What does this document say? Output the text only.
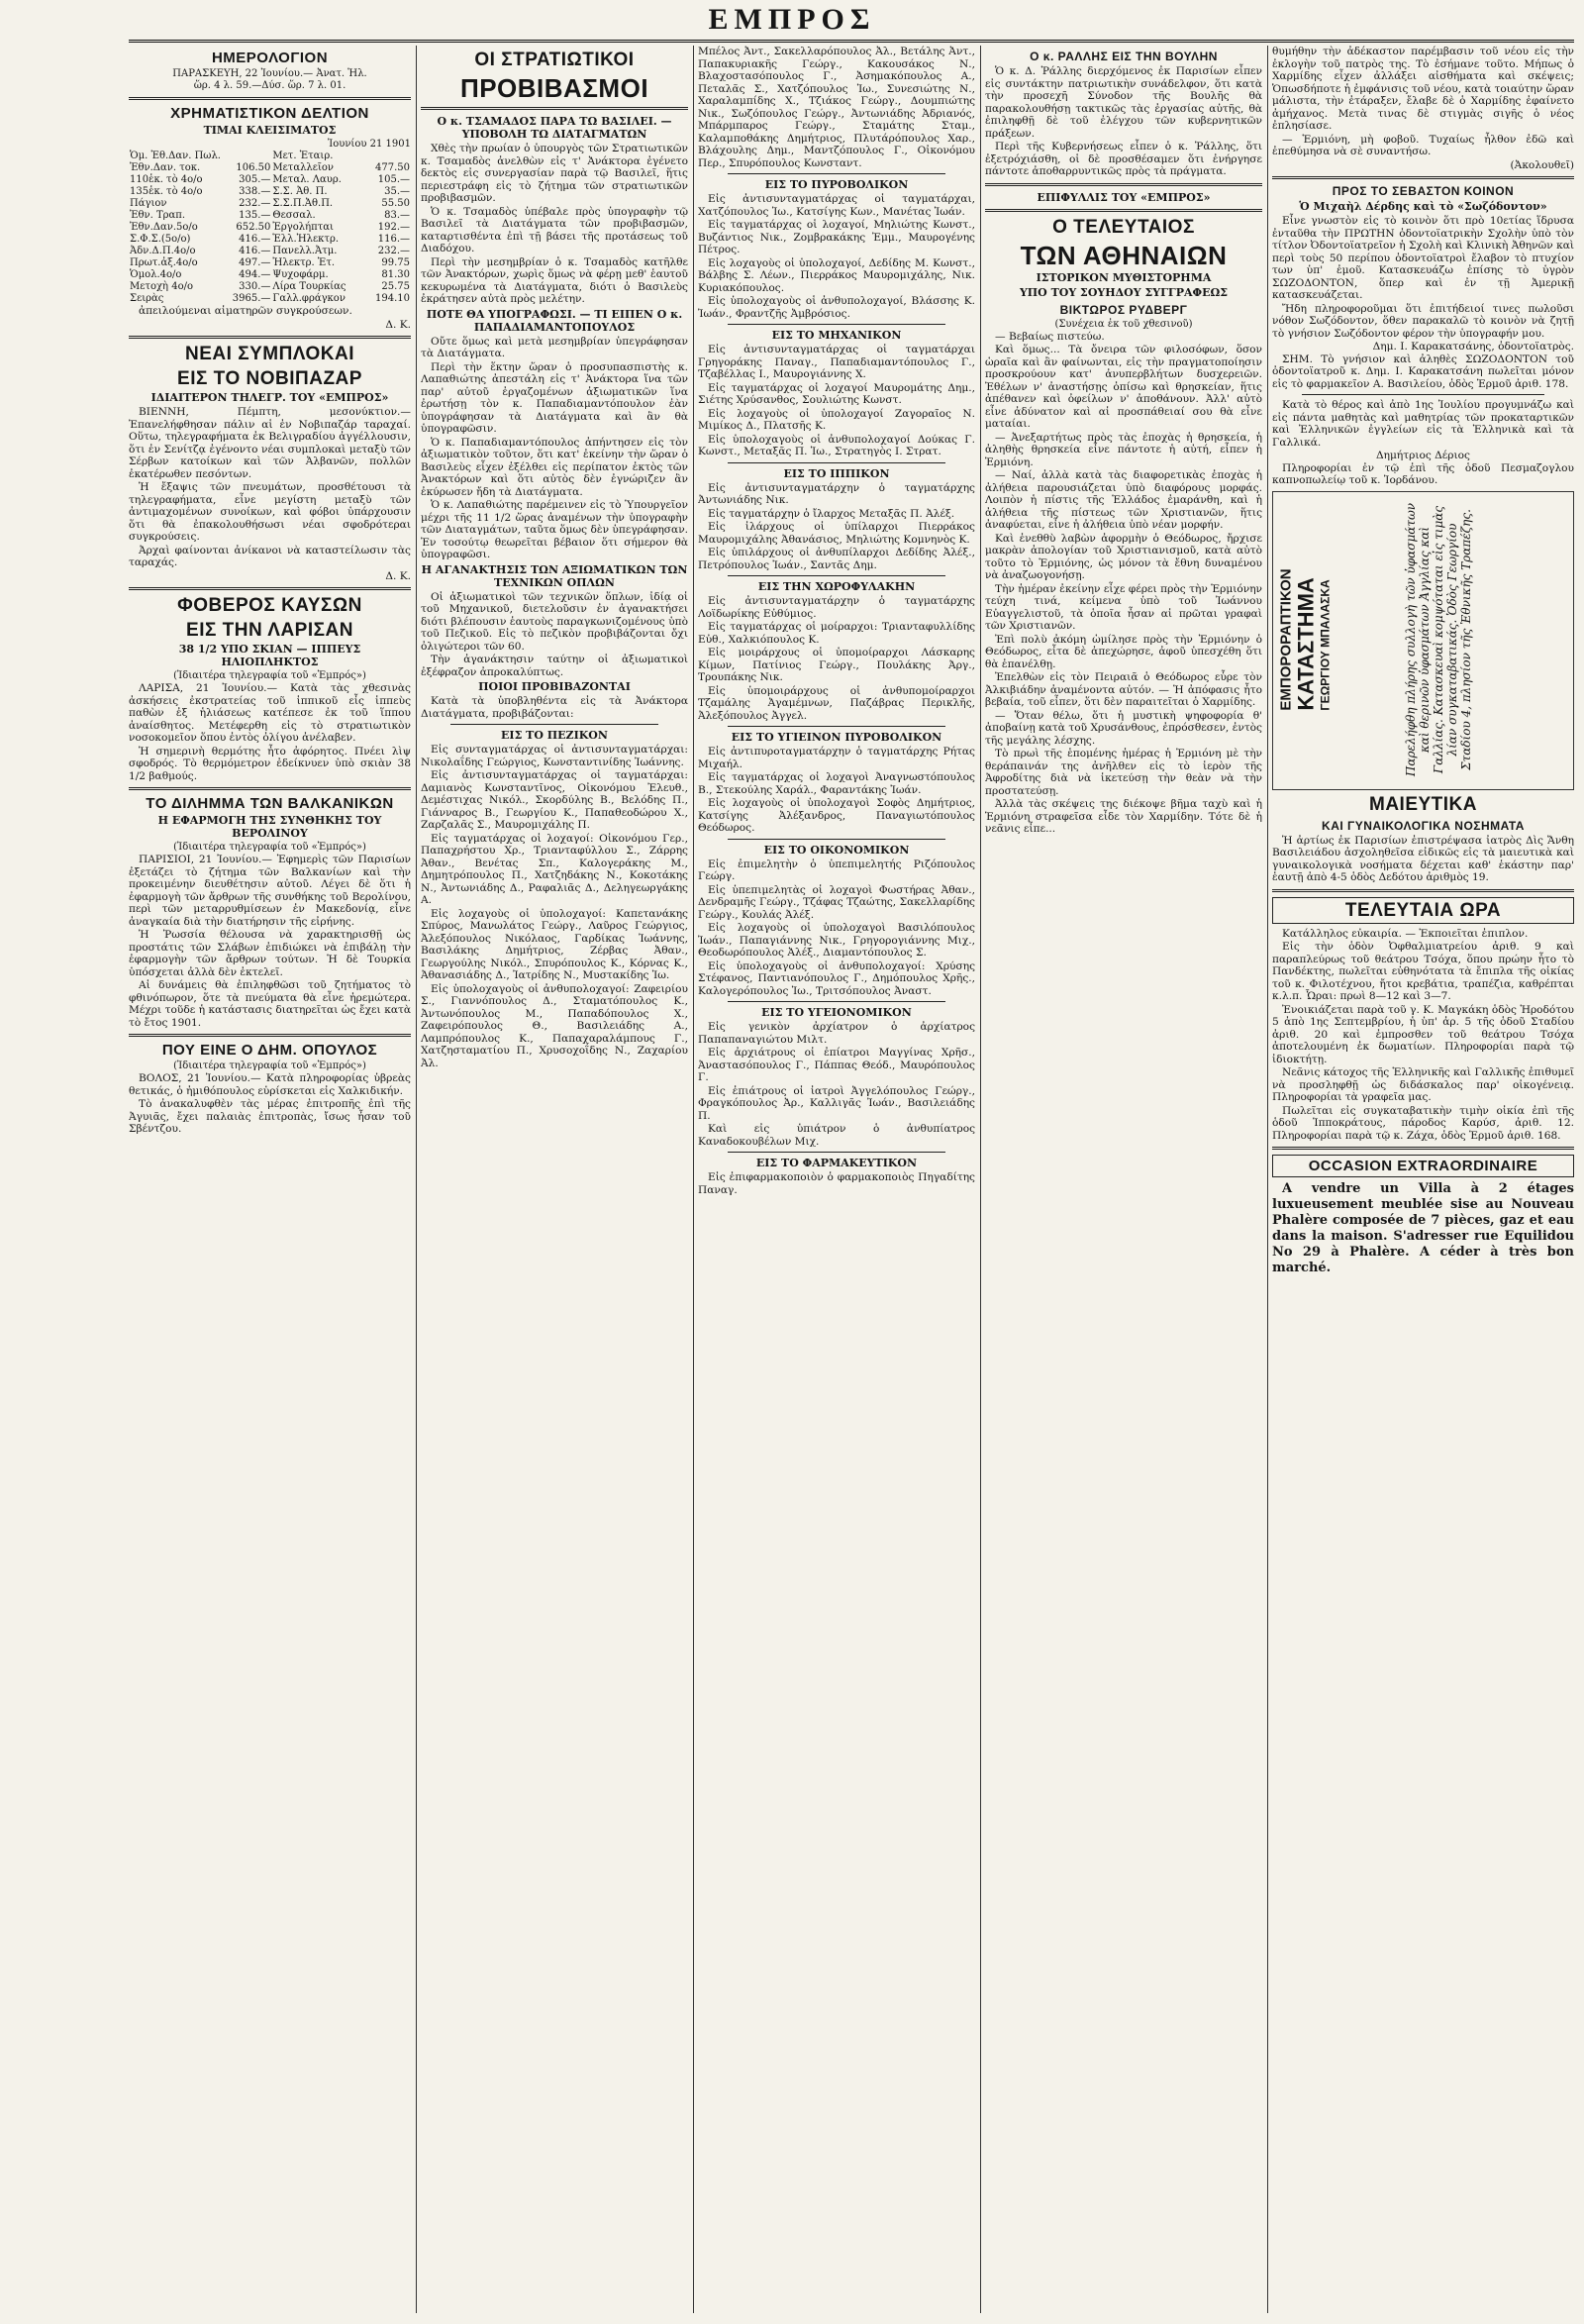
ΕΜΠΡΟΣ
ΗΜΕΡΟΛΟΓΙΟΝ
ΠΑΡΑΣΚΕΥΗ, 22 Ἰουνίου.— Ἀνατ. Ἡλ.
ὥρ. 4 λ. 59.—Δύσ. ὥρ. 7 λ. 01.
ΧΡΗΜΑΤΙΣΤΙΚΟΝ ΔΕΛΤΙΟΝ
ΤΙΜΑΙ ΚΛΕΙΣΙΜΑΤΟΣ
Ἰουνίου 21 1901
Ὁμ. Ἐθ.Δαν. Πωλ.		Μετ. Ἑταιρ.	
Ἐθν.Δαν. τοκ.	106.50	Μεταλλεῖον	477.50
110ἑκ. τὸ 4ο/ο	305.—	Μεταλ. Λαυρ.	105.—
135ἑκ. τὸ 4ο/ο	338.—	Σ.Σ. Ἀθ. Π.	35.—
Πάγιον	232.—	Σ.Σ.Π.Ἀθ.Π.	55.50
Ἐθν. Τραπ.	135.—	Θεσσαλ.	83.—
Ἐθν.Δαν.5ο/ο	652.50	Ἐργολήπται	192.—
Σ.Φ.Σ.(5ο/ο)	416.—	Ἑλλ.Ἠλεκτρ.	116.—
Ἀδν.Δ.Π.4ο/ο	416.—	Πανελλ.Ἀτμ.	232.—
Πρωτ.ἀξ.4ο/ο	497.—	Ἠλεκτρ. Ἑτ.	99.75
Ὁμολ.4ο/ο	494.—	Ψυχοφάρμ.	81.30
Μετοχὴ 4ο/ο	330.—	Λίρα Τουρκίας	25.75
Σειρὰς	3965.—	Γαλλ.φράγκον	194.10

ἀπειλούμεναι αἱματηρῶν συγκρούσεων.

Δ. Κ.
ΝΕΑΙ ΣΥΜΠΛΟΚΑΙ
ΕΙΣ ΤΟ ΝΟΒΙΠΑΖΑΡ
ΙΔΙΑΙΤΕΡΟΝ ΤΗΛΕΓΡ. ΤΟΥ «ΕΜΠΡΟΣ»

ΒΙΕΝΝΗ, Πέμπτη, μεσονύκτιον.— Ἐπανελήφθησαν πάλιν αἱ ἐν Νοβιπαζάρ ταραχαί. Οὕτω, τηλεγραφήματα ἐκ Βελιγραδίου ἀγγέλλουσιν, ὅτι ἐν Σενίτζᾳ ἐγένοντο νέαι συμπλοκαὶ μεταξὺ τῶν Σέρβων κατοίκων καὶ τῶν Ἀλβανῶν, πολλῶν ἐκατέρωθεν πεσόντων.

Ἡ ἔξαψις τῶν πνευμάτων, προσθέτουσι τὰ τηλεγραφήματα, εἶνε μεγίστη μεταξὺ τῶν ἀντιμαχομένων συνοίκων, καὶ φόβοι ὑπάρχουσιν ὅτι θὰ ἐπακολουθήσωσι νέαι σφοδρότεραι συγκρούσεις.

Ἀρχαὶ φαίνονται ἀνίκανοι νὰ καταστείλωσιν τὰς ταραχάς.

Δ. Κ.
ΦΟΒΕΡΟΣ ΚΑΥΣΩΝ
ΕΙΣ ΤΗΝ ΛΑΡΙΣΑΝ
38 1/2 ΥΠΟ ΣΚΙΑΝ — ΙΠΠΕΥΣ ΗΛΙΟΠΛΗΚΤΟΣ
(Ἰδιαιτέρα τηλεγραφία τοῦ «Ἐμπρός»)

ΛΑΡΙΣΑ, 21 Ἰουνίου.— Κατὰ τὰς χθεσινὰς ἀσκήσεις ἐκστρατείας τοῦ ἱππικοῦ εἷς ἱππεὺς παθὼν ἐξ ἡλιάσεως κατέπεσε ἐκ τοῦ ἵππου ἀναίσθητος. Μετέφερθη εἰς τὸ στρατιωτικὸν νοσοκομεῖον ὅπου ἐντὸς ὀλίγου ἀνέλαβεν.

Ἡ σημερινὴ θερμότης ἦτο ἀφόρητος. Πνέει λὶψ σφοδρός. Τὸ θερμόμετρον ἐδείκνυεν ὑπὸ σκιὰν 38 1/2 βαθμούς.

ΤΟ ΔΙΛΗΜΜΑ ΤΩΝ ΒΑΛΚΑΝΙΚΩΝ
Η ΕΦΑΡΜΟΓΗ ΤΗΣ ΣΥΝΘΗΚΗΣ ΤΟΥ ΒΕΡΟΛΙΝΟΥ
(Ἰδιαιτέρα τηλεγραφία τοῦ «Ἐμπρός»)

ΠΑΡΙΣΙΟΙ, 21 Ἰουνίου.— Ἐφημερὶς τῶν Παρισίων ἐξετάζει τὸ ζήτημα τῶν Βαλκανίων καὶ τὴν προκειμένην διευθέτησιν αὐτοῦ. Λέγει δὲ ὅτι ἡ ἐφαρμογὴ τῶν ἄρθρων τῆς συνθήκης τοῦ Βερολίνου, περὶ τῶν μεταρρυθμίσεων ἐν Μακεδονίᾳ, εἶνε ἀναγκαία διὰ τὴν διατήρησιν τῆς εἰρήνης.

Ἡ Ῥωσσία θέλουσα νὰ χαρακτηρισθῇ ὡς προστάτις τῶν Σλάβων ἐπιδιώκει νὰ ἐπιβάλῃ τὴν ἐφαρμογὴν τῶν ἄρθρων τούτων. Ἡ δὲ Τουρκία ὑπόσχεται ἀλλὰ δὲν ἐκτελεῖ.

Αἱ δυνάμεις θὰ ἐπιληφθῶσι τοῦ ζητήματος τὸ φθινόπωρον, ὅτε τὰ πνεύματα θὰ εἶνε ἠρεμώτερα. Μέχρι τοῦδε ἡ κατάστασις διατηρεῖται ὡς ἔχει κατὰ τὸ ἔτος 1901.

ΠΟΥ ΕΙΝΕ Ο ΔΗΜ. ΟΠΟΥΛΟΣ
(Ἰδιαιτέρα τηλεγραφία τοῦ «Ἐμπρός»)

ΒΟΛΟΣ, 21 Ἰουνίου.— Κατὰ πληροφορίας ὑβρεὰς θετικάς, ὁ ἠμιθόπουλος εὑρίσκεται εἰς Χαλκιδικήν.

Τὸ ἀνακαλυφθὲν τὰς μέρας ἐπιτροπῆς ἐπὶ τῆς Ἀγυιᾶς, ἔχει παλαιὰς ἐπιτροπὰς, ἴσως ἦσαν τοῦ Σβέντζου.

ΟΙ ΣΤΡΑΤΙΩΤΙΚΟΙ
ΠΡΟΒΙΒΑΣΜΟΙ
Ο κ. ΤΣΑΜΑΔΟΣ ΠΑΡΑ ΤΩ ΒΑΣΙΛΕΙ. — ΥΠΟΒΟΛΗ ΤΩ ΔΙΑΤΑΓΜΑΤΩΝ

Χθὲς τὴν πρωίαν ὁ ὑπουργὸς τῶν Στρατιωτικῶν κ. Τσαμαδὸς ἀνελθὼν εἰς τ' Ἀνάκτορα ἐγένετο δεκτὸς εἰς συνεργασίαν παρὰ τῷ Βασιλεῖ, ἥτις περιεστράφη εἰς τὸ ζήτημα τῶν στρατιωτικῶν προβιβασμῶν.

Ὁ κ. Τσαμαδὸς ὑπέβαλε πρὸς ὑπογραφὴν τῷ Βασιλεῖ τὰ Διατάγματα τῶν προβιβασμῶν, καταρτισθέντα ἐπὶ τῇ βάσει τῆς προτάσεως τοῦ Διαδόχου.

Περὶ τὴν μεσημβρίαν ὁ κ. Τσαμαδὸς κατῆλθε τῶν Ἀνακτόρων, χωρὶς ὅμως νὰ φέρῃ μεθ' ἑαυτοῦ κεκυρωμένα τὰ Διατάγματα, διότι ὁ Βασιλεὺς ἐκράτησεν αὐτὰ πρὸς μελέτην.

ΠΟΤΕ ΘΑ ΥΠΟΓΡΑΦΩΣΙ. — ΤΙ ΕΙΠΕΝ Ο κ. ΠΑΠΑΔΙΑΜΑΝΤΟΠΟΥΛΟΣ

Οὔτε ὅμως καὶ μετὰ μεσημβρίαν ὑπεγράφησαν τὰ Διατάγματα.

Περὶ τὴν ἕκτην ὥραν ὁ προσυπασπιστὴς κ. Λαπαθιώτης ἀπεστάλη εἰς τ' Ἀνάκτορα ἵνα τῶν παρ' αὐτοῦ ἐργαζομένων ἀξιωματικῶν ἵνα ἐρωτήσῃ τὸν κ. Παπαδιαμαντόπουλον ἐὰν ὑπογράφησαν τὰ Διατάγματα καὶ ἂν θὰ ὑπογραφῶσιν.

Ὁ κ. Παπαδιαμαντόπουλος ἀπήντησεν εἰς τὸν ἀξιωματικὸν τοῦτον, ὅτι κατ' ἐκείνην τὴν ὥραν ὁ Βασιλεὺς εἶχεν ἐξέλθει εἰς περίπατον ἐκτὸς τῶν Ἀνακτόρων καὶ ὅτι αὐτὸς δὲν ἐγνώριζεν ἂν ἐκύρωσεν ἤδη τὰ Διατάγματα.

Ὁ κ. Λαπαθιώτης παρέμεινεν εἰς τὸ Ὑπουργεῖον μέχρι τῆς 11 1/2 ὥρας ἀναμένων τὴν ὑπογραφὴν τῶν Διαταγμάτων, ταῦτα ὅμως δὲν ὑπεγράφησαν. Ἐν τοσούτῳ θεωρεῖται βέβαιον ὅτι σήμερον θὰ ὑπογραφῶσι.

Η ΑΓΑΝΑΚΤΗΣΙΣ ΤΩΝ ΑΞΙΩΜΑΤΙΚΩΝ ΤΩΝ ΤΕΧΝΙΚΩΝ ΟΠΛΩΝ

Οἱ ἀξιωματικοὶ τῶν τεχνικῶν ὅπλων, ἰδίᾳ οἱ τοῦ Μηχανικοῦ, διετελοῦσιν ἐν ἀγανακτήσει διότι βλέπουσιν ἑαυτοὺς παραγκωνιζομένους ὑπὸ τοῦ Πεζικοῦ. Εἰς τὸ πεζικὸν προβιβάζονται ὄχι ὀλιγώτεροι τῶν 60.

Τὴν ἀγανάκτησιν ταύτην οἱ ἀξιωματικοὶ ἐξέφραζον ἀπροκαλύπτως.

ΠΟΙΟΙ ΠΡΟΒΙΒΑΖΟΝΤΑΙ

Κατὰ τὰ ὑποβληθέντα εἰς τὰ Ἀνάκτορα Διατάγματα, προβιβάζονται:

ΕΙΣ ΤΟ ΠΕΖΙΚΟΝ

Εἰς συνταγματάρχας οἱ ἀντισυνταγματάρχαι: Νικολαΐδης Γεώργιος, Κωνσταντινίδης Ἰωάννης.

Εἰς ἀντισυνταγματάρχας οἱ ταγματάρχαι: Δαμιανὸς Κωνσταντῖνος, Οἰκονόμου Ἐλευθ., Δεμέστιχας Νικόλ., Σκορδύλης Β., Βελόδης Π., Γιάνναρος Β., Γεωργίου Κ., Παπαθεοδώρου Χ., Ζαρζαλᾶς Σ., Μαυρομιχάλης Π.

Εἰς ταγματάρχας οἱ λοχαγοί: Οἰκονόμου Γερ., Παπαχρήστου Χρ., Τριανταφύλλου Σ., Ζάρρης Ἀθαν., Βενέτας Σπ., Καλογεράκης Μ., Δημητρόπουλος Π., Χατζηδάκης Ν., Κοκοτάκης Ν., Ἀντωνιάδης Δ., Ραφαλιᾶς Δ., Δεληγεωργάκης Α.

Εἰς λοχαγοὺς οἱ ὑπολοχαγοί: Καπετανάκης Σπύρος, Μανωλάτος Γεώργ., Λαῦρος Γεώργιος, Ἀλεξόπουλος Νικόλαος, Γαρδίκας Ἰωάννης, Βασιλάκης Δημήτριος, Ζέρβας Ἀθαν., Γεωργούλης Νικόλ., Σπυρόπουλος Κ., Κόρνας Κ., Ἀθανασιάδης Δ., Ἰατρίδης Ν., Μυστακίδης Ἰω.

Εἰς ὑπολοχαγοὺς οἱ ἀνθυπολοχαγοί: Ζαφειρίου Σ., Γιαννόπουλος Δ., Σταματόπουλος Κ., Ἀντωνόπουλος Μ., Παπαδόπουλος Χ., Ζαφειρόπουλος Θ., Βασιλειάδης Α., Λαμπρόπουλος Κ., Παπαχαραλάμπους Γ., Χατζησταματίου Π., Χρυσοχοΐδης Ν., Ζαχαρίου Ἀλ.

Μπέλος Ἀντ., Σακελλαρόπουλος Ἀλ., Βετάλης Ἀντ., Παπακυριακῆς Γεώργ., Κακουσάκος Ν., Βλαχοστασόπουλος Γ., Ἀσημακόπουλος Α., Πεταλᾶς Σ., Χατζόπουλος Ἰω., Συνεσιώτης Ν., Χαραλαμπίδης Χ., Τζιάκος Γεώργ., Δουμπιώτης Νικ., Σωζόπουλος Γεώργ., Ἀντωνιάδης Ἀδριανός, Μπάρμπαρος Γεώργ., Σταμάτης Σταμ., Καλαμποθάκης Δημήτριος, Πλυτάρόπουλος Χαρ., Βλάχουλης Δημ., Μαντζόπουλος Γ., Οἰκονόμου Περ., Σπυρόπουλος Κωνσταντ.

ΕΙΣ ΤΟ ΠΥΡΟΒΟΛΙΚΟΝ

Εἰς ἀντισυνταγματάρχας οἱ ταγματάρχαι, Χατζόπουλος Ἰω., Κατσίγης Κων., Μανέτας Ἰωάν.

Εἰς ταγματάρχας οἱ λοχαγοί, Μηλιώτης Κωνστ., Βυζάντιος Νικ., Ζομβρακάκης Ἐμμ., Μαυρογένης Πέτρος.

Εἰς λοχαγοὺς οἱ ὑπολοχαγοί, Δεδίδης Μ. Κωνστ., Βάλβης Σ. Λέων., Πιερράκος Μαυρομιχάλης, Νικ. Κυριακόπουλος.

Εἰς ὑπολοχαγοὺς οἱ ἀνθυπολοχαγοί, Βλάσσης Κ. Ἰωάν., Φραντζῆς Ἀμβρόσιος.

ΕΙΣ ΤΟ ΜΗΧΑΝΙΚΟΝ

Εἰς ἀντισυνταγματάρχας οἱ ταγματάρχαι Γρηγοράκης Παναγ., Παπαδιαμαντόπουλος Γ., Τζαβέλλας Ι., Μαυρογιάννης Χ.

Εἰς ταγματάρχας οἱ λοχαγοί Μαυρομάτης Δημ., Σιέτης Χρύσανθος, Σουλιώτης Κωνστ.

Εἰς λοχαγοὺς οἱ ὑπολοχαγοί Ζαγοραῖος Ν. Μιμίκος Δ., Πλατσῆς Κ.

Εἰς ὑπολοχαγοὺς οἱ ἀνθυπολοχαγοί Δούκας Γ. Κωνστ., Μεταξᾶς Π. Ἰω., Στρατηγὸς Ι. Στρατ.

ΕΙΣ ΤΟ ΙΠΠΙΚΟΝ

Εἰς ἀντισυνταγματάρχην ὁ ταγματάρχης Ἀντωνιάδης Νικ.

Εἰς ταγματάρχην ὁ ἴλαρχος Μεταξᾶς Π. Ἀλέξ.

Εἰς ἰλάρχους οἱ ὑπίλαρχοι Πιερράκος Μαυρομιχάλης Ἀθανάσιος, Μηλιώτης Κομνηνὸς Κ.

Εἰς ὑπιλάρχους οἱ ἀνθυπίλαρχοι Δεδίδης Ἀλέξ., Πετρόπουλος Ἰωάν., Σαντᾶς Δημ.

ΕΙΣ ΤΗΝ ΧΩΡΟΦΥΛΑΚΗΝ

Εἰς ἀντισυνταγματάρχην ὁ ταγματάρχης Λοϊδωρίκης Εὐθύμιος.

Εἰς ταγματάρχας οἱ μοίραρχοι: Τριανταφυλλίδης Εὐθ., Χαλκιόπουλος Κ.

Εἰς μοιράρχους οἱ ὑπομοίραρχοι Λάσκαρης Κίμων, Πατίνιος Γεώργ., Πουλάκης Ἀργ., Τρουπάκης Νικ.

Εἰς ὑπομοιράρχους οἱ ἀνθυπομοίραρχοι Τζαμάλης Ἀγαμέμνων, Παζάβρας Περικλῆς, Ἀλεξόπουλος Ἀγγελ.

ΕΙΣ ΤΟ ΥΓΙΕΙΝΟΝ ΠΥΡΟΒΟΛΙΚΟΝ

Εἰς ἀντιπυροταγματάρχην ὁ ταγματάρχης Ρήτας Μιχαήλ.

Εἰς ταγματάρχας οἱ λοχαγοὶ Ἀναγνωστόπουλος Β., Στεκούλης Χαράλ., Φαραντάκης Ἰωάν.

Εἰς λοχαγοὺς οἱ ὑπολοχαγοὶ Σοφὸς Δημήτριος, Κατσίγης Ἀλέξανδρος, Παναγιωτόπουλος Θεόδωρος.

ΕΙΣ ΤΟ ΟΙΚΟΝΟΜΙΚΟΝ

Εἰς ἐπιμελητὴν ὁ ὑπεπιμελητής Ριζόπουλος Γεώργ.

Εἰς ὑπεπιμελητὰς οἱ λοχαγοὶ Φωστήρας Ἀθαν., Δενδραμῆς Γεώργ., Τζάφας Τζαώτης, Σακελλαρίδης Γεώργ., Κουλάς Ἀλέξ.

Εἰς λοχαγοὺς οἱ ὑπολοχαγοὶ Βασιλόπουλος Ἰωάν., Παπαγιάννης Νικ., Γρηγορογιάννης Μιχ., Θεοδωρόπουλος Ἀλέξ., Διαμαντόπουλος Σ.

Εἰς ὑπολοχαγοὺς οἱ ἀνθυπολοχαγοί: Χρύσης Στέφανος, Παντιανόπουλος Γ., Δημόπουλος Χρῆς., Καλογερόπουλος Ἰω., Τριτσόπουλος Ἀναστ.

ΕΙΣ ΤΟ ΥΓΕΙΟΝΟΜΙΚΟΝ

Εἰς γενικὸν ἀρχίατρον ὁ ἀρχίατρος Παπαπαναγιώτου Μιλτ.

Εἰς ἀρχιάτρους οἱ ἐπίατροι Μαγγίνας Χρῆσ., Ἀναστασόπουλος Γ., Πάππας Θεόδ., Μαυρόπουλος Γ.

Εἰς ἐπιάτρους οἱ ἰατροὶ Ἀγγελόπουλος Γεώργ., Φραγκόπουλος Ἀρ., Καλλιγᾶς Ἰωάν., Βασιλειάδης Π.

Καὶ εἰς ὑπιάτρον ὁ ἀνθυπίατρος Καναδοκουβέλων Μιχ.

ΕΙΣ ΤΟ ΦΑΡΜΑΚΕΥΤΙΚΟΝ

Εἰς ἐπιφαρμακοποιὸν ὁ φαρμακοποιὸς Πηγαδίτης Παναγ.

Ο κ. ΡΑΛΛΗΣ ΕΙΣ ΤΗΝ ΒΟΥΛΗΝ

Ὁ κ. Δ. Ῥάλλης διερχόμενος ἐκ Παρισίων εἶπεν εἰς συντάκτην πατριωτικὴν συνάδελφον, ὅτι κατὰ τὴν προσεχῆ Σύνοδον τῆς Βουλῆς θὰ παρακολουθήσῃ τακτικῶς τὰς ἐργασίας αὐτῆς, θὰ ἐπιληφθῇ δὲ τοῦ ἐλέγχου τῶν κυβερνητικῶν πράξεων.

Περὶ τῆς Κυβερνήσεως εἶπεν ὁ κ. Ῥάλλης, ὅτι ἐξετρόχιάσθη, οἱ δὲ προσθέσαμεν ὅτι ἐνήργησε πάντοτε ἀποθαρρυντικῶς πρὸς τὰ πράγματα.

ΕΠΙΦΥΛΛΙΣ ΤΟΥ «ΕΜΠΡΟΣ»
Ο ΤΕΛΕΥΤΑΙΟΣ
ΤΩΝ ΑΘΗΝΑΙΩΝ
ΙΣΤΟΡΙΚΟΝ ΜΥΘΙΣΤΟΡΗΜΑ
ΥΠΟ ΤΟΥ ΣΟΥΗΔΟΥ ΣΥΓΓΡΑΦΕΩΣ
ΒΙΚΤΩΡΟΣ ΡΥΔΒΕΡΓ
(Συνέχεια ἐκ τοῦ χθεσινοῦ)

— Βεβαίως πιστεύω.

Καὶ ὅμως... Τὰ ὄνειρα τῶν φιλοσόφων, ὅσον ὡραῖα καὶ ἂν φαίνωνται, εἰς τὴν πραγματοποίησιν προσκρούουν κατ' ἀνυπερβλήτων δυσχερειῶν. Ἐθέλων ν' ἀναστήσῃς ὀπίσω καὶ θρησκείαν, ἥτις ἀπέθανεν καὶ ὀφείλων ν' ἀποθάνουν. Ἀλλ' αὐτὸ εἶνε ἀδύνατον καὶ αἱ προσπάθειαί σου θὰ εἶνε ματαίαι.

— Ἀνεξαρτήτως πρὸς τὰς ἐποχὰς ἡ θρησκεία, ἡ ἀληθὴς θρησκεία εἶνε πάντοτε ἡ αὐτή, εἶπεν ἡ Ἑρμιόνη.

— Ναί, ἀλλὰ κατὰ τὰς διαφορετικὰς ἐποχὰς ἡ ἀλήθεια παρουσιάζεται ὑπὸ διαφόρους μορφάς. Λοιπὸν ἡ πίστις τῆς Ἑλλάδος ἐμαράνθη, καὶ ἡ ἀλήθεια τῆς πίστεως τῶν Χριστιανῶν, ἥτις ἀναφύεται, εἶνε ἡ ἀλήθεια ὑπὸ νέαν μορφήν.

Καὶ ἐνεθθὺ λαβὼν ἀφορμὴν ὁ Θεόδωρος, ἤρχισε μακρὰν ἀπολογίαν τοῦ Χριστιανισμοῦ, κατὰ αὐτὸ τοῦτο τὸ Ἑρμιόνης, ὡς μόνον τὰ ἔθνη δυναμένου νὰ ἀναζωογονήσῃ.

Τὴν ἡμέραν ἐκείνην εἶχε φέρει πρὸς τὴν Ἑρμιόνην τεύχη τινά, κείμενα ὑπὸ τοῦ Ἰωάννου Εὐαγγελιστοῦ, τὰ ὁποῖα ἦσαν αἱ πρῶται γραφαὶ τῶν Χριστιανῶν.

Ἐπὶ πολὺ ἀκόμη ὡμίλησε πρὸς τὴν Ἑρμιόνην ὁ Θεόδωρος, εἶτα δὲ ἀπεχώρησε, ἀφοῦ ὑπεσχέθη ὅτι θὰ ἐπανέλθῃ.

Ἐπελθὼν εἰς τὸν Πειραιᾶ ὁ Θεόδωρος εὗρε τὸν Ἀλκιβιάδην ἀναμένοντα αὐτόν. — Ἡ ἀπόφασις ἦτο βεβαία, τοῦ εἶπεν, ὅτι δὲν παραιτεῖται ὁ Χαρμίδης.

— Ὅταν θέλω, ὅτι ἡ μυστικὴ ψηφοφορία θ' ἀποβαίνῃ κατὰ τοῦ Χρυσάνθους, ἐπρόσθεσεν, ἐντὸς τῆς μεγάλης λέσχης.

Τὸ πρωὶ τῆς ἑπομένης ἡμέρας ἡ Ἑρμιόνη μὲ τὴν θεράπαινάν της ἀνῆλθεν εἰς τὸ ἱερὸν τῆς Ἀφροδίτης διὰ νὰ ἱκετεύσῃ τὴν θεὰν νὰ τὴν προστατεύσῃ.

Ἀλλὰ τὰς σκέψεις της διέκοψε βῆμα ταχὺ καὶ ἡ Ἑρμιόνη στραφεῖσα εἶδε τὸν Χαρμίδην. Τότε δὲ ἡ νεᾶνις εἶπε...

θυμήθην τὴν ἀδέκαστον παρέμβασιν τοῦ νέου εἰς τὴν ἐκλογὴν τοῦ πατρὸς της. Τὸ ἐσήμανε τοῦτο. Μήπως ὁ Χαρμίδης εἶχεν ἀλλάξει αἰσθήματα καὶ σκέψεις; Ὁπωσδήποτε ἡ ἐμφάνισις τοῦ νέου, κατὰ τοιαύτην ὥραν μάλιστα, τὴν ἐτάραξεν, ἔλαβε δὲ ὁ Χαρμίδης ἐφαίνετο ἀμήχανος. Μετὰ τινας δὲ στιγμὰς σιγῆς ὁ νέος ἐπλησίασε.

— Ἑρμιόνη, μὴ φοβοῦ. Τυχαίως ἦλθον ἐδῶ καὶ ἐπεθύμησα νὰ σὲ συναντήσω.

(Ἀκολουθεῖ)
ΠΡΟΣ ΤΟ ΣΕΒΑΣΤΟΝ ΚΟΙΝΟΝ
Ὁ Μιχαὴλ Δέρδης καὶ τὸ «Σωζόδοντον»

Εἶνε γνωστὸν εἰς τὸ κοινὸν ὅτι πρὸ 10ετίας ἵδρυσα ἐνταῦθα τὴν ΠΡΩΤΗΝ ὀδοντοϊατρικὴν Σχολὴν ὑπὸ τὸν τίτλον Ὀδοντοϊατρεῖον ἡ Σχολὴ καὶ Κλινικὴ Ἀθηνῶν καὶ περὶ τοὺς 50 περίπου ὀδοντοϊατροὶ ἔλαβον τὸ πτυχίον των ὑπ' ἐμοῦ. Κατασκευάζω ἐπίσης τὸ ὑγρὸν ΣΩΖΟΔΟΝΤΟΝ, ὅπερ καὶ ἐν τῇ Ἀμερικῇ κατασκευάζεται.

Ἤδη πληροφοροῦμαι ὅτι ἐπιτήδειοί τινες πωλοῦσι νόθον Σωζόδοντον, ὅθεν παρακαλῶ τὸ κοινὸν νὰ ζητῇ τὸ γνήσιον Σωζόδοντον φέρον τὴν ὑπογραφήν μου.

Δημ. Ι. Καρακατσάνης, ὀδοντοϊατρὸς.

ΣΗΜ. Τὸ γνήσιον καὶ ἀληθὲς ΣΩΖΟΔΟΝΤΟΝ τοῦ ὀδοντοϊατροῦ κ. Δημ. Ι. Καρακατσάνη πωλεῖται μόνον εἰς τὸ φαρμακεῖον Α. Βασιλείου, ὁδὸς Ἑρμοῦ ἀριθ. 178.

Κατὰ τὸ θέρος καὶ ἀπὸ 1ης Ἰουλίου προγυμνάζω καὶ εἰς πάντα μαθητὰς καὶ μαθητρίας τῶν προκαταρτικῶν καὶ Ἑλληνικῶν ἐγγλείων εἰς τὰ Ἑλληνικὰ καὶ τὰ Γαλλικά.

Δημήτριος Δέριος

Πληροφορίαι ἐν τῷ ἐπὶ τῆς ὁδοῦ Πεσμαζογλου καπνοπωλείῳ τοῦ κ. Ἰορδάνου.

ΕΜΠΟΡΟΡΑΠΤΙΚΟΝ ΚΑΤΑΣΤΗΜΑ ΓΕΩΡΓΙΟΥ ΜΠΑΛΑΣΚΑ	Παρελήφθη πλήρης συλλογὴ τῶν ὑφασμάτων καὶ θερινῶν ὑφασμάτων Ἀγγλίας καὶ Γαλλίας. Κατασκευαὶ κομψόταται εἰς τιμὰς λίαν συγκαταβατικάς. Ὁδὸς Γεωργίου Σταδίου 4, πλησίον τῆς Ἐθνικῆς Τραπέζης.
ΜΑΙΕΥΤΙΚΑ
ΚΑΙ ΓΥΝΑΙΚΟΛΟΓΙΚΑ ΝΟΣΗΜΑΤΑ

Ἡ ἀρτίως ἐκ Παρισίων ἐπιστρέψασα ἰατρὸς Δὶς Ἄνθη Βασιλειάδου ἀσχοληθεῖσα εἰδικῶς εἰς τὰ μαιευτικὰ καὶ γυναικολογικὰ νοσήματα δέχεται καθ' ἑκάστην παρ' ἑαυτῇ ἀπὸ 4-5 ὁδὸς Δεδότου ἀριθμὸς 19.

ΤΕΛΕΥΤΑΙΑ ΩΡΑ

Κατάλληλος εὐκαιρία. — Ἐκποιεῖται ἐπιπλον.

Εἰς τὴν ὁδὸν Ὀφθαλμιατρείου ἀριθ. 9 καὶ παραπλεύρως τοῦ θεάτρου Τσόχα, ὅπου πρώην ἦτο τὸ Πανδέκτης, πωλεῖται εὐθηνότατα τὰ ἔπιπλα τῆς οἰκίας τοῦ κ. Φιλοτέχνου, ἤτοι κρεβάτια, τραπέζια, καθρέπται κ.λ.π. Ὧραι: πρωὶ 8—12 καὶ 3—7.

Ἐνοικιάζεται παρὰ τοῦ γ. Κ. Μαγκάκη ὁδὸς Ἡροδότου 5 ἀπὸ 1ης Σεπτεμβρίου, ἡ ὑπ' ἀρ. 5 τῆς ὁδοῦ Σταδίου ἀριθ. 20 καὶ ἐμπροσθεν τοῦ θεάτρου Τσόχα ἀποτελουμένη ἐκ δωματίων. Πληροφορίαι παρὰ τῷ ἰδιοκτήτῃ.

Νεᾶνις κάτοχος τῆς Ἑλληνικῆς καὶ Γαλλικῆς ἐπιθυμεῖ νὰ προσληφθῇ ὡς διδάσκαλος παρ' οἰκογένειᾳ. Πληροφορίαι τὰ γραφεῖα μας.

Πωλεῖται εἰς συγκαταβατικὴν τιμὴν οἰκία ἐπὶ τῆς ὁδοῦ Ἱπποκράτους, πάροδος Καρύσ, ἀριθ. 12. Πληροφορίαι παρὰ τῷ κ. Ζάχα, ὁδὸς Ἑρμοῦ ἀριθ. 168.

OCCASION EXTRAORDINAIRE

A vendre un Villa à 2 étages luxueusement meublée sise au Nouveau Phalère composée de 7 pièces, gaz et eau dans la maison. S'adresser rue Equilidou No 29 à Phalère. A céder à très bon marché.
